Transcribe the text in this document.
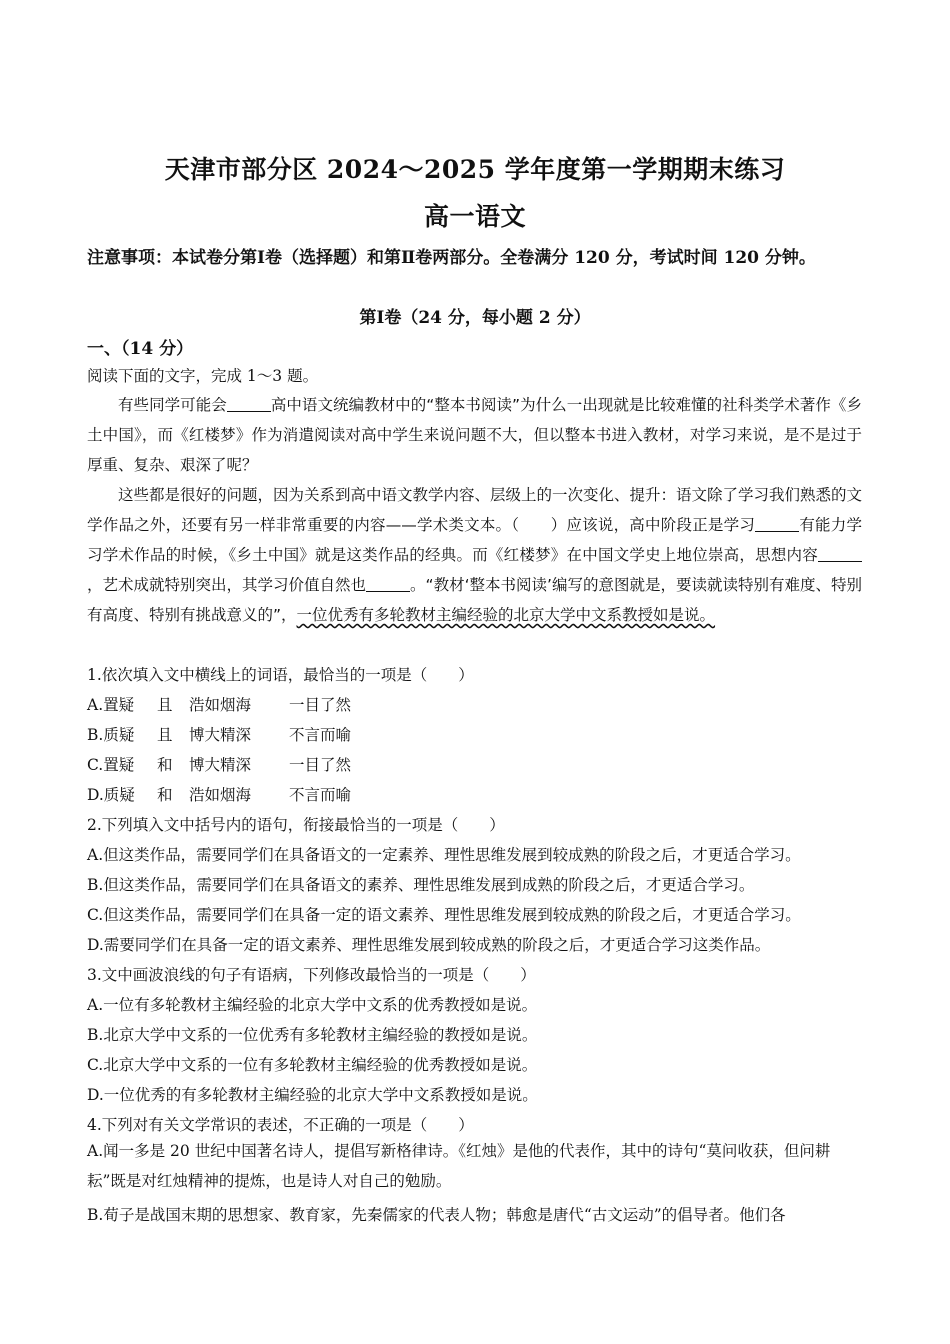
天津市部分区 2024～2025 学年度第一学期期末练习
高一语文
注意事项：本试卷分第Ⅰ卷（选择题）和第Ⅱ卷两部分。全卷满分 120 分，考试时间 120 分钟。
第Ⅰ卷（24 分，每小题 2 分）
一、（14 分）
阅读下面的文字，完成 1～3 题。

有些同学可能会	高中语文统编教材中的“整本书阅读”为什么一出现就是比较难懂的社科类学术著作《乡土中国》，而《红楼梦》作为消遣阅读对高中学生来说问题不大，但以整本书进入教材，对学习来说，是不是过于厚重、复杂、艰深了呢？

这些都是很好的问题，因为关系到高中语文教学内容、层级上的一次变化、提升：语文除了学习我们熟悉的文学作品之外，还要有另一样非常重要的内容——学术类文本。（　　）应该说，高中阶段正是学习	有能力学习学术作品的时候，《乡土中国》就是这类作品的经典。而《红楼梦》在中国文学史上地位崇高，思想内容，艺术成就特别突出，其学习价值自然也	。“教材‘整本书阅读’编写的意图就是，要读就读特别有难度、特别有高度、特别有挑战意义的”，一位优秀有多轮教材主编经验的北京大学中文系教授如是说。

1.依次填入文中横线上的词语，最恰当的一项是（　　）
A.置疑 且 浩如烟海 一目了然
B.质疑 且 博大精深 不言而喻
C.置疑 和 博大精深 一目了然
D.质疑 和 浩如烟海 不言而喻
2.下列填入文中括号内的语句，衔接最恰当的一项是（　　）
A.但这类作品，需要同学们在具备语文的一定素养、理性思维发展到较成熟的阶段之后，才更适合学习。
B.但这类作品，需要同学们在具备语文的素养、理性思维发展到成熟的阶段之后，才更适合学习。
C.但这类作品，需要同学们在具备一定的语文素养、理性思维发展到较成熟的阶段之后，才更适合学习。
D.需要同学们在具备一定的语文素养、理性思维发展到较成熟的阶段之后，才更适合学习这类作品。
3.文中画波浪线的句子有语病，下列修改最恰当的一项是（　　）
A.一位有多轮教材主编经验的北京大学中文系的优秀教授如是说。
B.北京大学中文系的一位优秀有多轮教材主编经验的教授如是说。
C.北京大学中文系的一位有多轮教材主编经验的优秀教授如是说。
D.一位优秀的有多轮教材主编经验的北京大学中文系教授如是说。
4.下列对有关文学常识的表述，不正确的一项是（　　）
A.闻一多是 20 世纪中国著名诗人，提倡写新格律诗。《红烛》是他的代表作，其中的诗句“莫问收获，但问耕耘”既是对红烛精神的提炼，也是诗人对自己的勉励。
B.荀子是战国末期的思想家、教育家，先秦儒家的代表人物；韩愈是唐代“古文运动”的倡导者。他们各
